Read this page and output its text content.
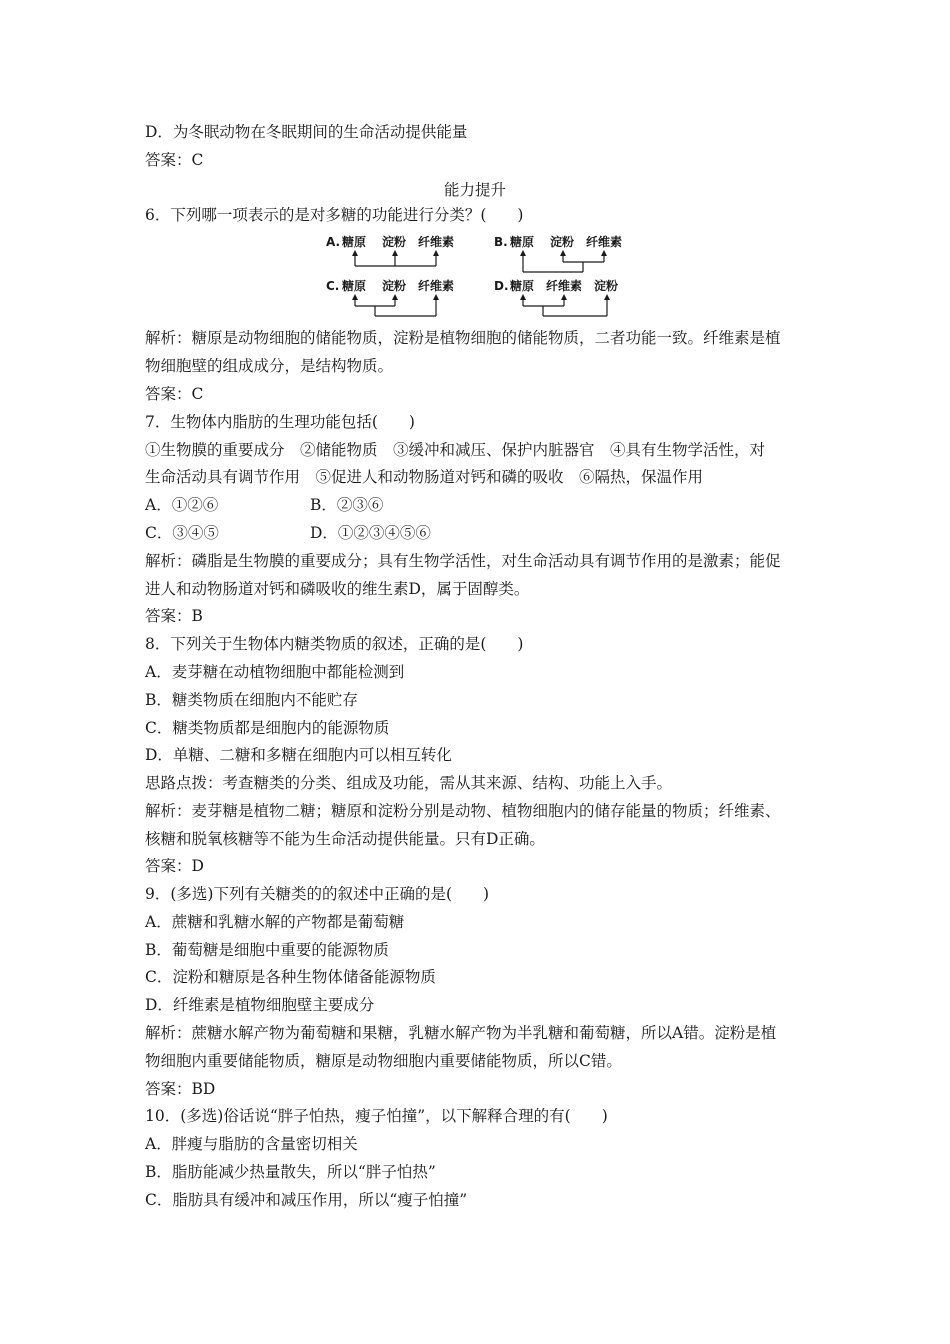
D．为冬眠动物在冬眠期间的生命活动提供能量
答案：C
能力提升
6．下列哪一项表示的是对多糖的功能进行分类？(　　)
A. 糖原 淀粉 纤维素	B. 糖原 淀粉 纤维素
C. 糖原 淀粉 纤维素	D. 糖原 纤维素 淀粉
解析：糖原是动物细胞的储能物质，淀粉是植物细胞的储能物质，二者功能一致。纤维素是植
物细胞壁的组成成分，是结构物质。
答案：C
7．生物体内脂肪的生理功能包括(　　)
①生物膜的重要成分　②储能物质　③缓冲和减压、保护内脏器官　④具有生物学活性，对
生命活动具有调节作用　⑤促进人和动物肠道对钙和磷的吸收　⑥隔热，保温作用
A．①②⑥	B．②③⑥
C．③④⑤	D．①②③④⑤⑥
解析：磷脂是生物膜的重要成分；具有生物学活性，对生命活动具有调节作用的是激素；能促
进人和动物肠道对钙和磷吸收的维生素D，属于固醇类。
答案：B
8．下列关于生物体内糖类物质的叙述，正确的是(　　)
A．麦芽糖在动植物细胞中都能检测到
B．糖类物质在细胞内不能贮存
C．糖类物质都是细胞内的能源物质
D．单糖、二糖和多糖在细胞内可以相互转化
思路点拨：考查糖类的分类、组成及功能，需从其来源、结构、功能上入手。
解析：麦芽糖是植物二糖；糖原和淀粉分别是动物、植物细胞内的储存能量的物质；纤维素、
核糖和脱氧核糖等不能为生命活动提供能量。只有D正确。
答案：D
9．(多选)下列有关糖类的的叙述中正确的是(　　)
A．蔗糖和乳糖水解的产物都是葡萄糖
B．葡萄糖是细胞中重要的能源物质
C．淀粉和糖原是各种生物体储备能源物质
D．纤维素是植物细胞壁主要成分
解析：蔗糖水解产物为葡萄糖和果糖，乳糖水解产物为半乳糖和葡萄糖，所以A错。淀粉是植
物细胞内重要储能物质，糖原是动物细胞内重要储能物质，所以C错。
答案：BD
10．(多选)俗话说“胖子怕热，瘦子怕撞”，以下解释合理的有(　　)
A．胖瘦与脂肪的含量密切相关
B．脂肪能减少热量散失，所以“胖子怕热”
C．脂肪具有缓冲和减压作用，所以“瘦子怕撞”
